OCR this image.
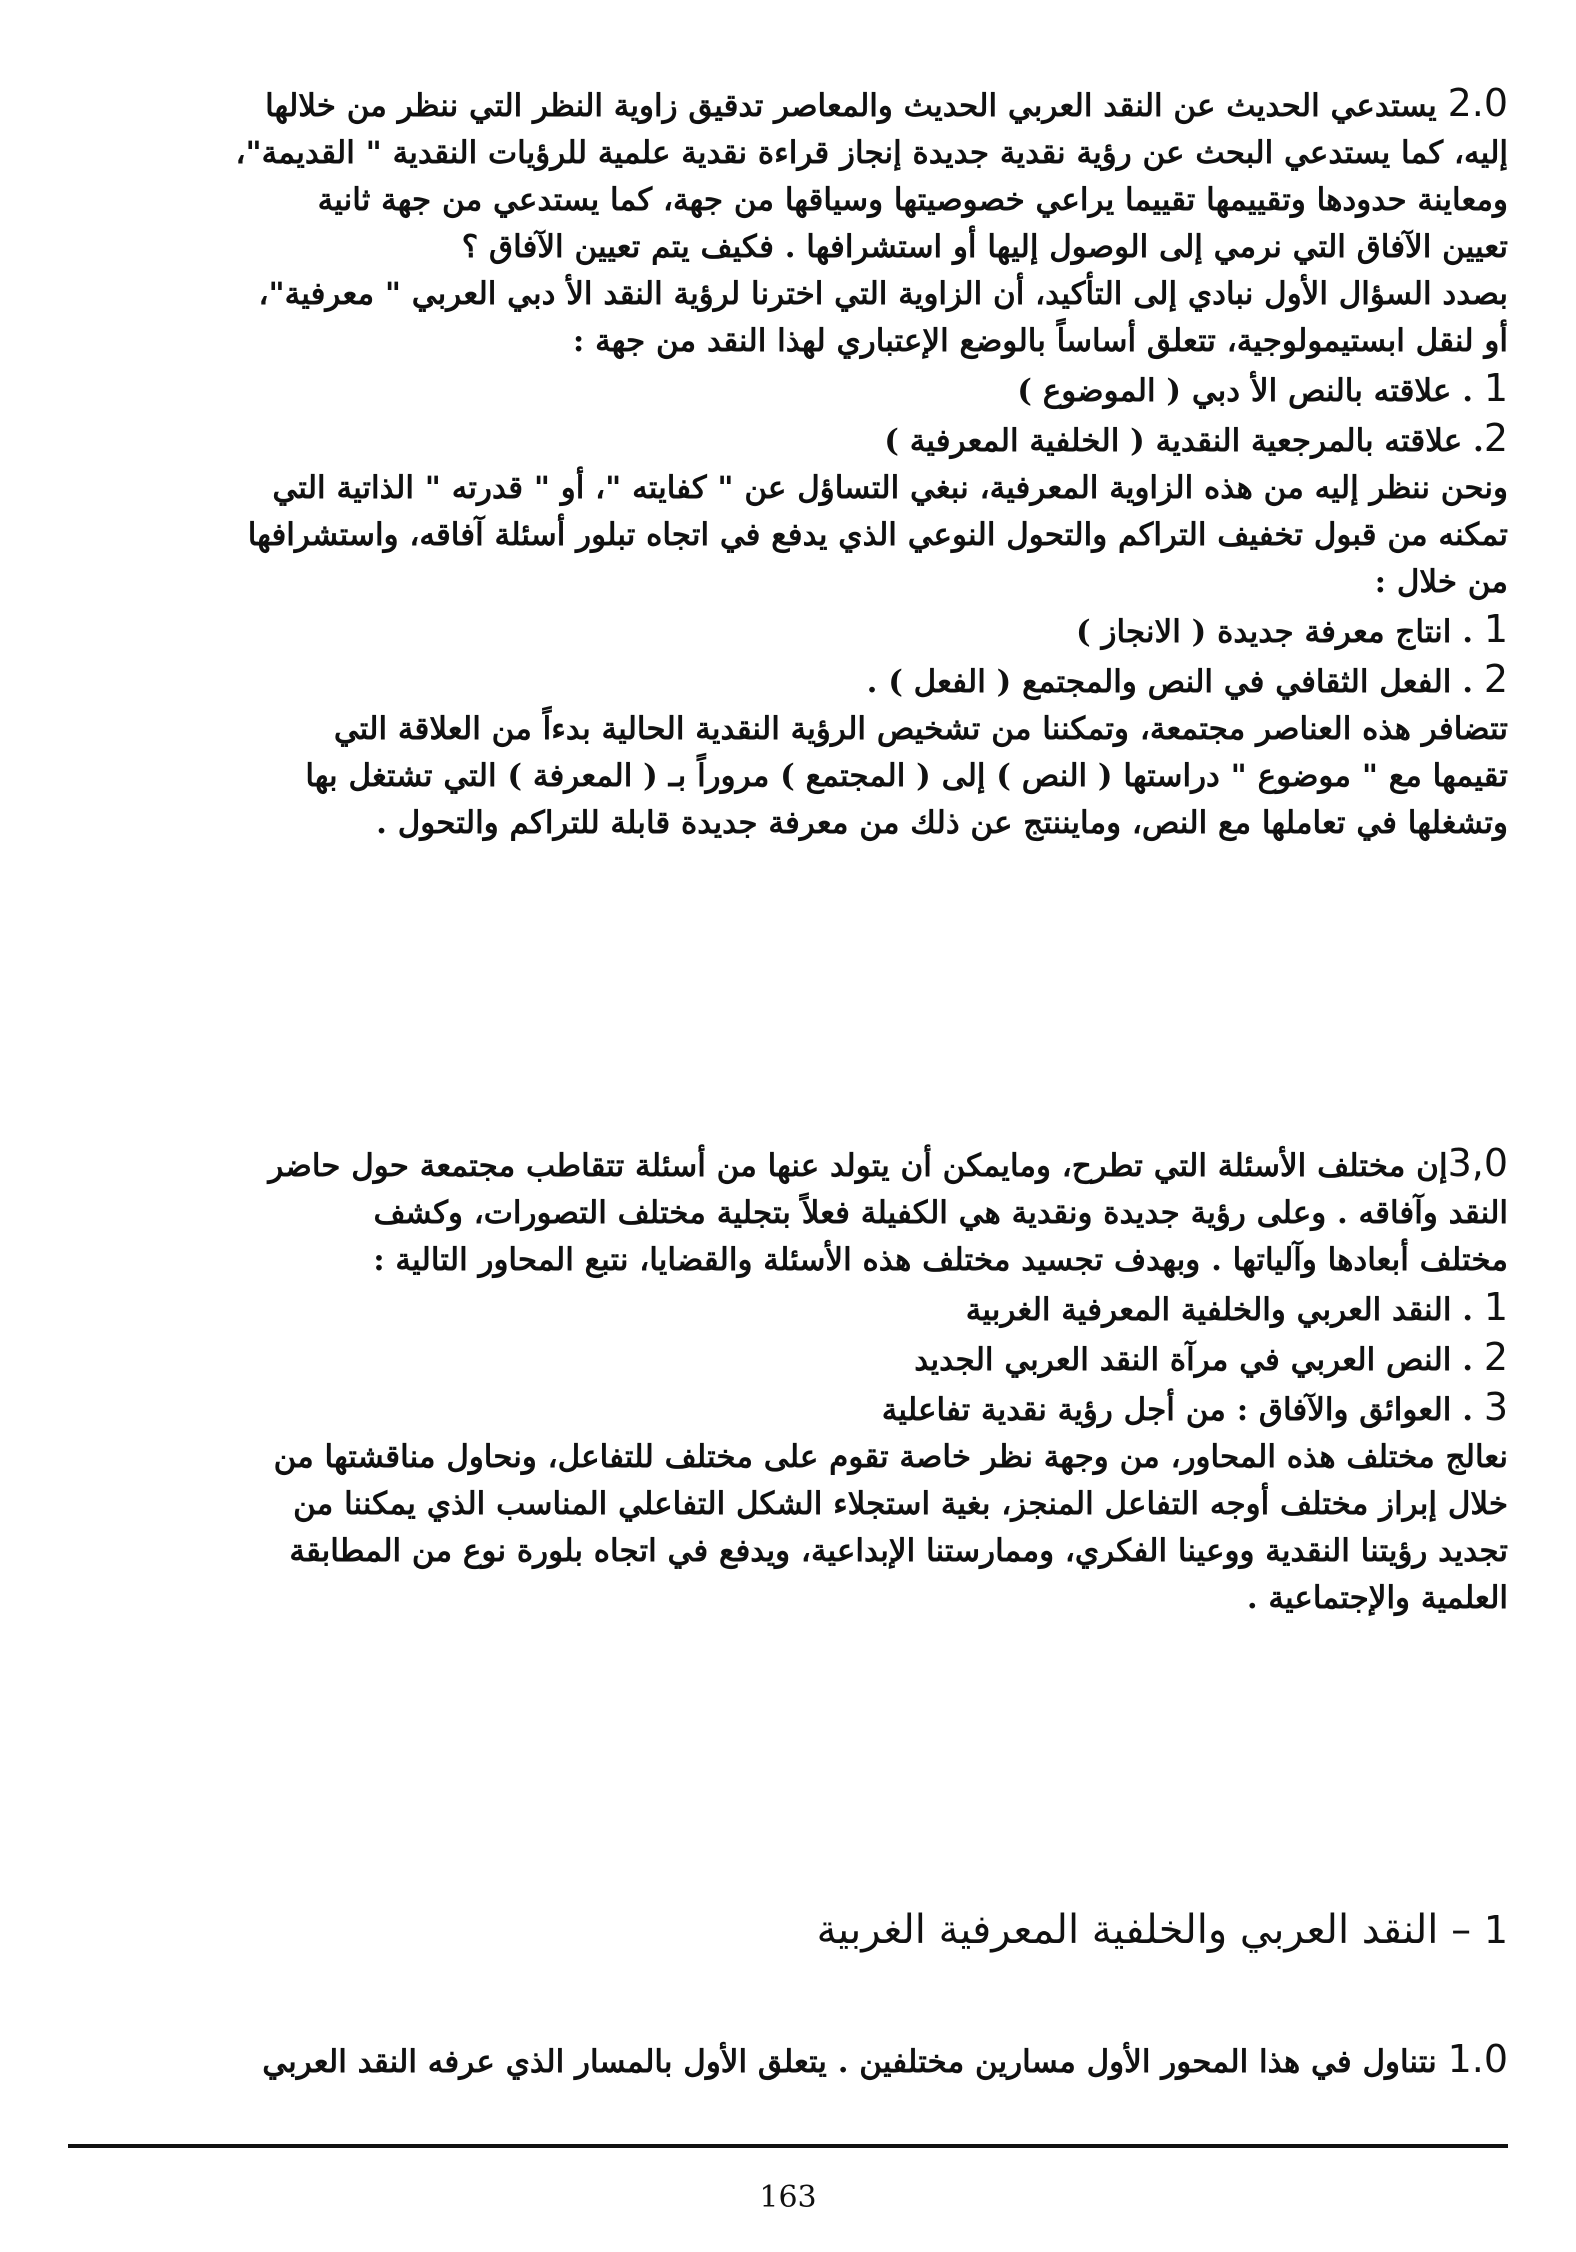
2.0 يستدعي الحديث عن النقد العربي الحديث والمعاصر تدقيق زاوية النظر التي ننظر من خلالها

إليه، كما يستدعي البحث عن رؤية نقدية جديدة إنجاز قراءة نقدية علمية للرؤيات النقدية " القديمة"،

ومعاينة حدودها وتقييمها تقييما يراعي خصوصيتها وسياقها من جهة، كما يستدعي من جهة ثانية

تعيين الآفاق التي نرمي إلى الوصول إليها أو استشرافها . فكيف يتم تعيين الآفاق ؟

بصدد السؤال الأول نبادي إلى التأكيد، أن الزاوية التي اخترنا لرؤية النقد الأ دبي العربي " معرفية"،

أو لنقل ابستيمولوجية، تتعلق أساساً بالوضع الإعتباري لهذا النقد من جهة :

1 . علاقته بالنص الأ دبي ( الموضوع )

2. علاقته بالمرجعية النقدية ( الخلفية المعرفية )

ونحن ننظر إليه من هذه الزاوية المعرفية، نبغي التساؤل عن " كفايته "، أو " قدرته " الذاتية التي

تمكنه من قبول تخفيف التراكم والتحول النوعي الذي يدفع في اتجاه تبلور أسئلة آفاقه، واستشرافها

من خلال :

1 . انتاج معرفة جديدة ( الانجاز )

2 . الفعل الثقافي في النص والمجتمع ( الفعل ) .

تتضافر هذه العناصر مجتمعة، وتمكننا من تشخيص الرؤية النقدية الحالية بدءاً من العلاقة التي

تقيمها مع " موضوع " دراستها ( النص ) إلى ( المجتمع ) مروراً بـ ( المعرفة ) التي تشتغل بها

وتشغلها في تعاملها مع النص، ومايننتج عن ذلك من معرفة جديدة قابلة للتراكم والتحول .

3,0إن مختلف الأسئلة التي تطرح، ومايمكن أن يتولد عنها من أسئلة تتقاطب مجتمعة حول حاضر

النقد وآفاقه . وعلى رؤية جديدة ونقدية هي الكفيلة فعلاً بتجلية مختلف التصورات، وكشف

مختلف أبعادها وآلياتها . وبهدف تجسيد مختلف هذه الأسئلة والقضايا، نتبع المحاور التالية :

1 . النقد العربي والخلفية المعرفية الغربية

2 . النص العربي في مرآة النقد العربي الجديد

3 . العوائق والآفاق : من أجل رؤية نقدية تفاعلية

نعالج مختلف هذه المحاور، من وجهة نظر خاصة تقوم على مختلف للتفاعل، ونحاول مناقشتها من

خلال إبراز مختلف أوجه التفاعل المنجز، بغية استجلاء الشكل التفاعلي المناسب الذي يمكننا من

تجديد رؤيتنا النقدية ووعينا الفكري، وممارستنا الإبداعية، ويدفع في اتجاه بلورة نوع من المطابقة

العلمية والإجتماعية .

1 – النقد العربي والخلفية المعرفية الغربية

1.0 نتناول في هذا المحور الأول مسارين مختلفين . يتعلق الأول بالمسار الذي عرفه النقد العربي

163
